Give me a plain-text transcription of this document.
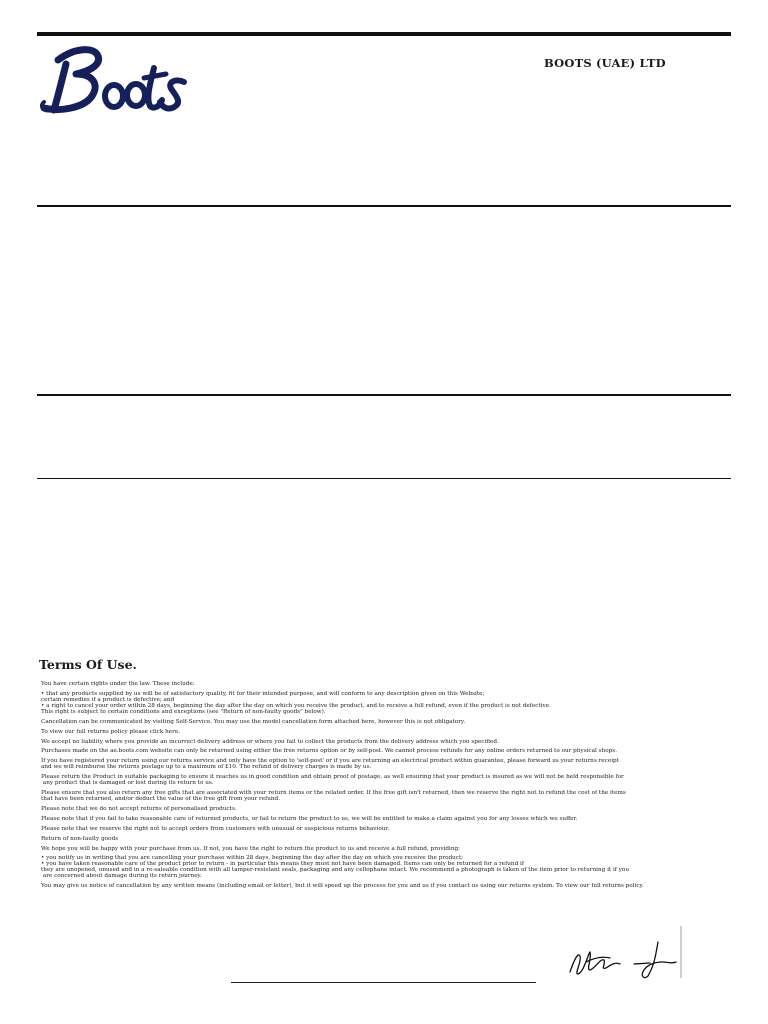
BOOTS (UAE) LTD
Terms Of Use.
You have certain rights under the law. These include:
• that any products supplied by us will be of satisfactory quality, fit for their intended purpose, and will conform to any description given on this Website;
certain remedies if a product is defective; and
• a right to cancel your order within 28 days, beginning the day after the day on which you receive the product, and to receive a full refund, even if the product is not defective.
This right is subject to certain conditions and exceptions (see "Return of non-faulty goods" below).
Cancellation can be communicated by visiting Self-Service. You may use the model cancellation form attached here, however this is not obligatory.
To view our full returns policy please click here.
We accept no liability where you provide an incorrect delivery address or where you fail to collect the products from the delivery address which you specified.
Purchases made on the ae.boots.com website can only be returned using either the free returns option or by self-post. We cannot process refunds for any online orders returned to our physical shops.
If you have registered your return using our returns service and only have the option to 'self-post' or if you are returning an electrical product within guarantee, please forward us your returns receipt
and we will reimburse the returns postage up to a maximum of £10. The refund of delivery charges is made by us.
Please return the Product in suitable packaging to ensure it reaches us in good condition and obtain proof of postage, as well ensuring that your product is insured as we will not be held responsible for
any product that is damaged or lost during its return to us.
Please ensure that you also return any free gifts that are associated with your return items or the related order. If the free gift isn't returned, then we reserve the right not to refund the cost of the items
that have been returned, and/or deduct the value of the free gift from your refund.
Please note that we do not accept returns of personalised products.
Please note that if you fail to take reasonable care of returned products, or fail to return the product to us, we will be entitled to make a claim against you for any losses which we suffer.
Please note that we reserve the right not to accept orders from customers with unusual or suspicious returns behaviour.
Return of non-faulty goods
We hope you will be happy with your purchase from us. If not, you have the right to return the product to us and receive a full refund, providing:
• you notify us in writing that you are cancelling your purchase within 28 days, beginning the day after the day on which you receive the product;
• you have taken reasonable care of the product prior to return - in particular this means they must not have been damaged. Items can only be returned for a refund if
they are unopened, unused and in a re-saleable condition with all tamper-resistant seals, packaging and any cellophane intact. We recommend a photograph is taken of the item prior to returning it if you
are concerned about damage during its return journey.
You may give us notice of cancellation by any written means (including email or letter), but it will speed up the process for you and us if you contact us using our returns system. To view our full returns policy.
